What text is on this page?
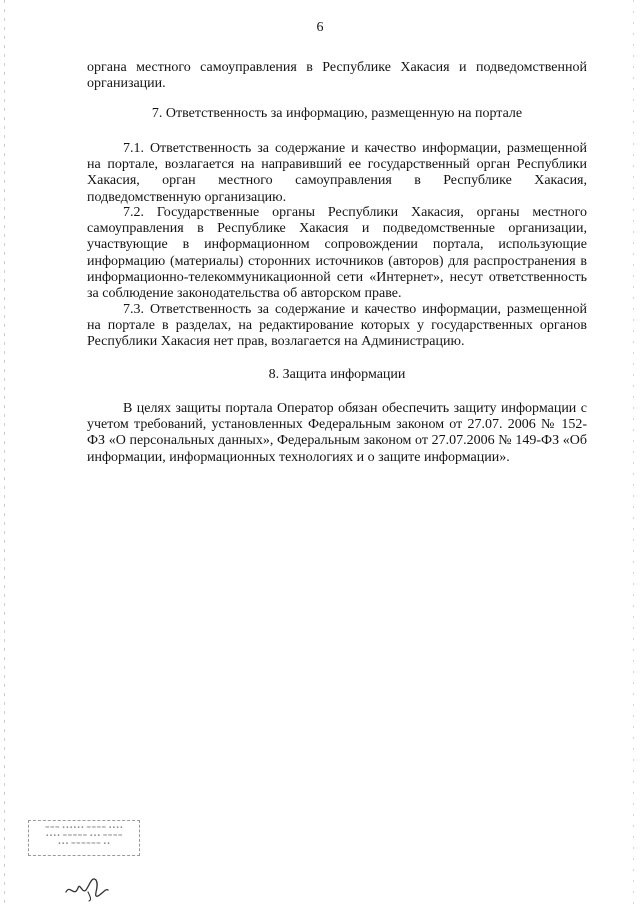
6

органа местного самоуправления в Республике Хакасия и подведомственной организации.

7. Ответственность за информацию, размещенную на портале

7.1. Ответственность за содержание и качество информации, размещенной на портале, возлагается на направивший ее государственный орган Республики Хакасия, орган местного самоуправления в Республике Хакасия, подведомственную организацию.

7.2. Государственные органы Республики Хакасия, органы местного самоуправления в Республике Хакасия и подведомственные организации, участвующие в информационном сопровождении портала, использующие информацию (материалы) сторонних источников (авторов) для распространения в информационно-телекоммуникационной сети «Интернет», несут ответственность за соблюдение законодательства об авторском праве.

7.3. Ответственность за содержание и качество информации, размещенной на портале в разделах, на редактирование которых у государственных органов Республики Хакасия нет прав, возлагается на Администрацию.

8. Защита информации

В целях защиты портала Оператор обязан обеспечить защиту информации с учетом требований, установленных Федеральным законом от 27.07. 2006 № 152-ФЗ «О персональных данных», Федеральным законом от 27.07.2006 № 149-ФЗ «Об информации, информационных технологиях и о защите информации».

≈≈≈ ∙∙∙∙∙∙ ≈≈≈≈ ∙∙∙∙
∙∙∙∙ ≈≈≈≈≈ ∙∙∙ ≈≈≈≈
∙∙∙ ≈≈≈≈≈≈ ∙∙
